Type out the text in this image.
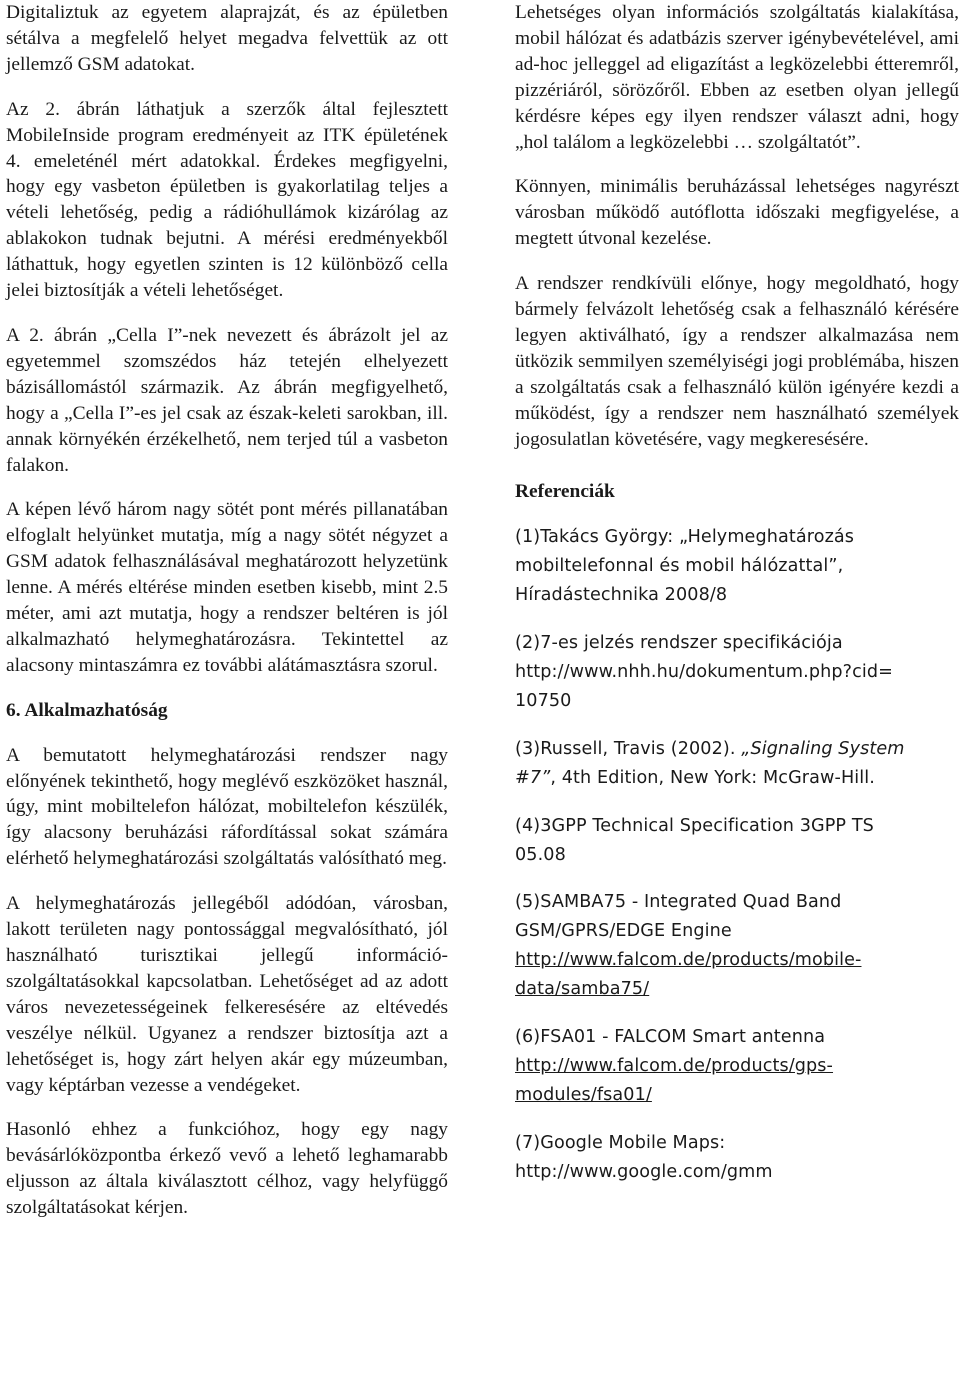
Digitaliztuk az egyetem alaprajzát, és az épületben sétálva a megfelelő helyet megadva felvettük az ott jellemző GSM adatokat.

Az 2. ábrán láthatjuk a szerzők által fejlesztett MobileInside program eredményeit az ITK épületének 4. emeleténél mért adatokkal. Érdekes megfigyelni, hogy egy vasbeton épületben is gyakorlatilag teljes a vételi lehetőség, pedig a rádióhullámok kizárólag az ablakokon tudnak bejutni. A mérési eredményekből láthattuk, hogy egyetlen szinten is 12 különböző cella jelei biztosítják a vételi lehetőséget.

A 2. ábrán „Cella I”-nek nevezett és ábrázolt jel az egyetemmel szomszédos ház tetején elhelyezett bázisállomástól származik. Az ábrán megfigyelhető, hogy a „Cella I”-es jel csak az észak-keleti sarokban, ill. annak környékén érzékelhető, nem terjed túl a vasbeton falakon.

A képen lévő három nagy sötét pont mérés pillanatában elfoglalt helyünket mutatja, míg a nagy sötét négyzet a GSM adatok felhasználásával meghatározott helyzetünk lenne. A mérés eltérése minden esetben kisebb, mint 2.5 méter, ami azt mutatja, hogy a rendszer beltéren is jól alkalmazható helymeghatározásra. Tekintettel az alacsony mintaszámra ez további alátámasztásra szorul.

6. Alkalmazhatóság

A bemutatott helymeghatározási rendszer nagy előnyének tekinthető, hogy meglévő eszközöket használ, úgy, mint mobiltelefon hálózat, mobiltelefon készülék, így alacsony beruházási ráfordítással sokat számára elérhető helymeghatározási szolgáltatás valósítható meg.

A helymeghatározás jellegéből adódóan, városban, lakott területen nagy pontossággal megvalósítható, jól használható turisztikai jellegű információ-szolgáltatásokkal kapcsolatban. Lehetőséget ad az adott város nevezetességeinek felkeresésére az eltévedés veszélye nélkül. Ugyanez a rendszer biztosítja azt a lehetőséget is, hogy zárt helyen akár egy múzeumban, vagy képtárban vezesse a vendégeket.

Hasonló ehhez a funkcióhoz, hogy egy nagy bevásárlóközpontba érkező vevő a lehető leghamarabb eljusson az általa kiválasztott célhoz, vagy helyfüggő szolgáltatásokat kérjen.

Lehetséges olyan információs szolgáltatás kialakítása, mobil hálózat és adatbázis szerver igénybevételével, ami ad-hoc jelleggel ad eligazítást a legközelebbi étteremről, pizzériáról, sörözőről. Ebben az esetben olyan jellegű kérdésre képes egy ilyen rendszer választ adni, hogy „hol találom a legközelebbi … szolgáltatót”.

Könnyen, minimális beruházással lehetséges nagyrészt városban működő autóflotta időszaki megfigyelése, a megtett útvonal kezelése.

A rendszer rendkívüli előnye, hogy megoldható, hogy bármely felvázolt lehetőség csak a felhasználó kérésére legyen aktiválható, így a rendszer alkalmazása nem ütközik semmilyen személyiségi jogi problémába, hiszen a szolgáltatás csak a felhasználó külön igényére kezdi a működést, így a rendszer nem használható személyek jogosulatlan követésére, vagy megkeresésére.

Referenciák

(1)Takács György: „Helymeghatározás
mobiltelefonnal és mobil hálózattal”,
Híradástechnika 2008/8
(2)7-es jelzés rendszer specifikációja
http://www.nhh.hu/dokumentum.php?cid=
10750
(3)Russell, Travis (2002). „Signaling System
#7”, 4th Edition, New York: McGraw-Hill.
(4)3GPP Technical Specification 3GPP TS
05.08
(5)SAMBA75 - Integrated Quad Band
GSM/GPRS/EDGE Engine
http://www.falcom.de/products/mobile-
data/samba75/
(6)FSA01 - FALCOM Smart antenna
http://www.falcom.de/products/gps-
modules/fsa01/
(7)Google Mobile Maps:
http://www.google.com/gmm
